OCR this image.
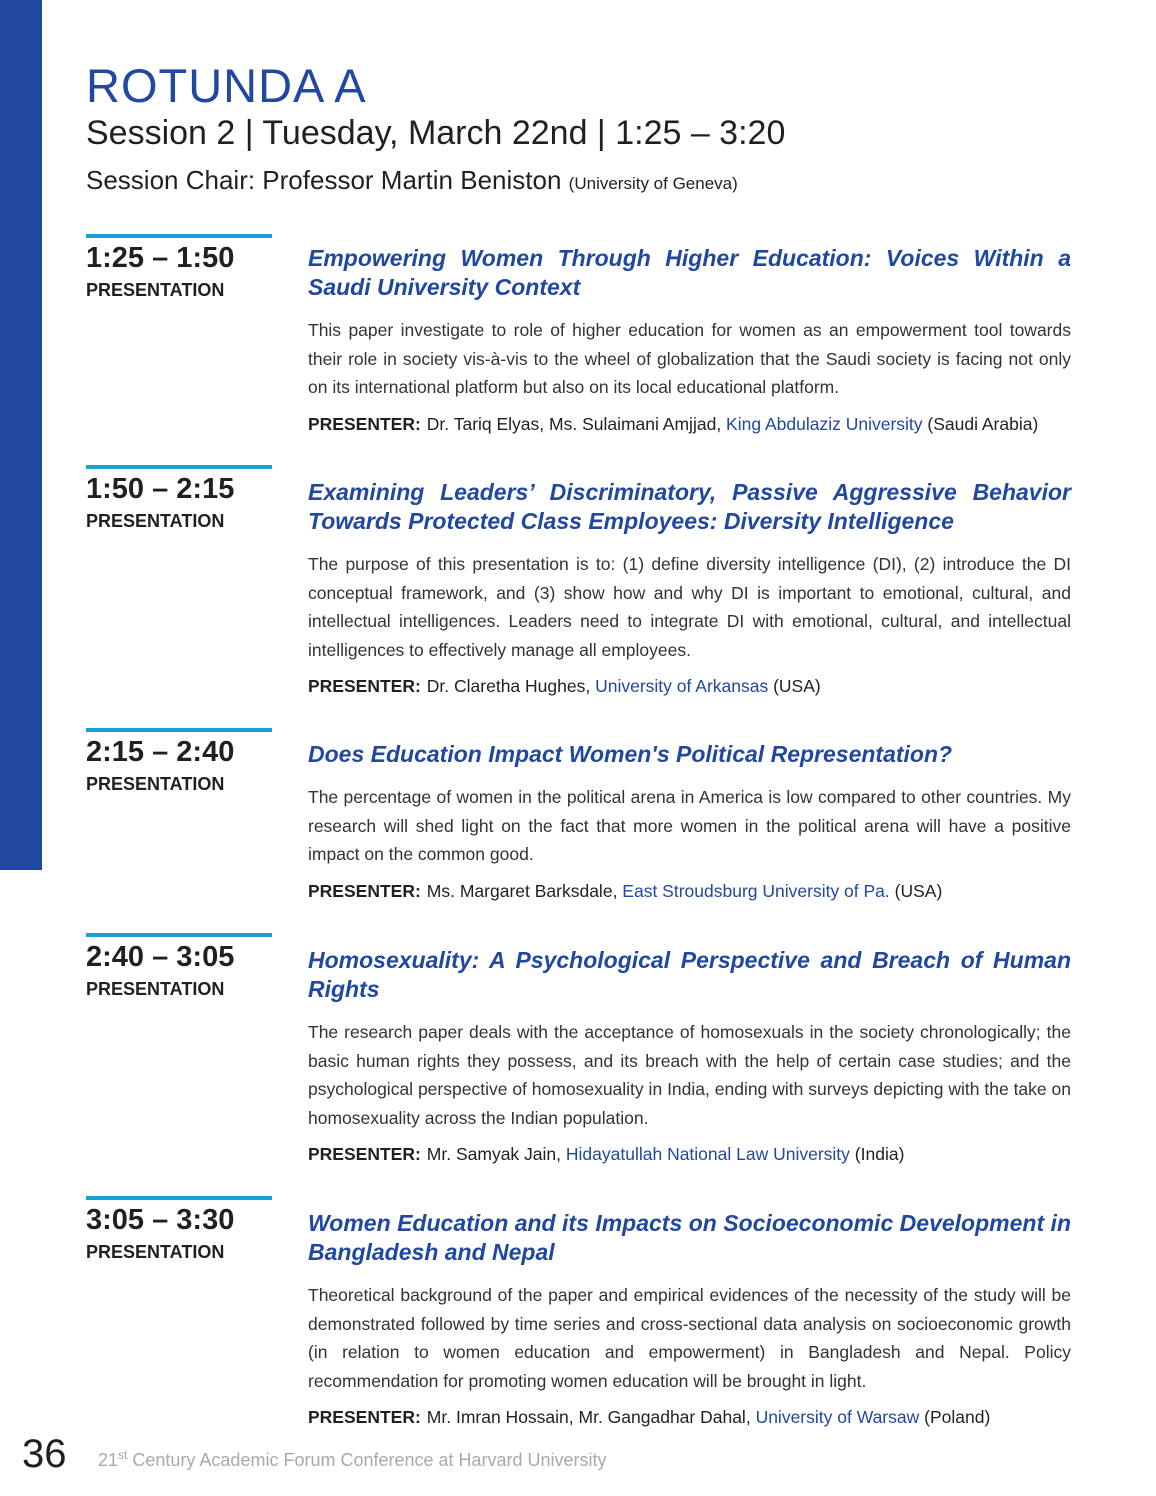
ROTUNDA A
Session 2 | Tuesday, March 22nd | 1:25 – 3:20
Session Chair: Professor Martin Beniston (University of Geneva)
1:25 – 1:50
PRESENTATION

Empowering Women Through Higher Education: Voices Within a Saudi University Context

This paper investigate to role of higher education for women as an empowerment tool towards their role in society vis-à-vis to the wheel of globalization that the Saudi society is facing not only on its international platform but also on its local educational platform.

PRESENTER: Dr. Tariq Elyas, Ms. Sulaimani Amjjad, King Abdulaziz University (Saudi Arabia)
1:50 – 2:15
PRESENTATION

Examining Leaders’ Discriminatory, Passive Aggressive Behavior Towards Protected Class Employees: Diversity Intelligence

The purpose of this presentation is to: (1) define diversity intelligence (DI), (2) introduce the DI conceptual framework, and (3) show how and why DI is important to emotional, cultural, and intellectual intelligences. Leaders need to integrate DI with emotional, cultural, and intellectual intelligences to effectively manage all employees.

PRESENTER: Dr. Claretha Hughes, University of Arkansas (USA)
2:15 – 2:40
PRESENTATION

Does Education Impact Women's Political Representation?

The percentage of women in the political arena in America is low compared to other countries. My research will shed light on the fact that more women in the political arena will have a positive impact on the common good.

PRESENTER: Ms. Margaret Barksdale, East Stroudsburg University of Pa. (USA)
2:40 – 3:05
PRESENTATION

Homosexuality: A Psychological Perspective and Breach of Human Rights

The research paper deals with the acceptance of homosexuals in the society chronologically; the basic human rights they possess, and its breach with the help of certain case studies; and the psychological perspective of homosexuality in India, ending with surveys depicting with the take on homosexuality across the Indian population.

PRESENTER: Mr. Samyak Jain, Hidayatullah National Law University (India)
3:05 – 3:30
PRESENTATION

Women Education and its Impacts on Socioeconomic Development in Bangladesh and Nepal

Theoretical background of the paper and empirical evidences of the necessity of the study will be demonstrated followed by time series and cross-sectional data analysis on socioeconomic growth (in relation to women education and empowerment) in Bangladesh and Nepal. Policy recommendation for promoting women education will be brought in light.

PRESENTER: Mr. Imran Hossain, Mr. Gangadhar Dahal, University of Warsaw (Poland)
36 21st Century Academic Forum Conference at Harvard University
